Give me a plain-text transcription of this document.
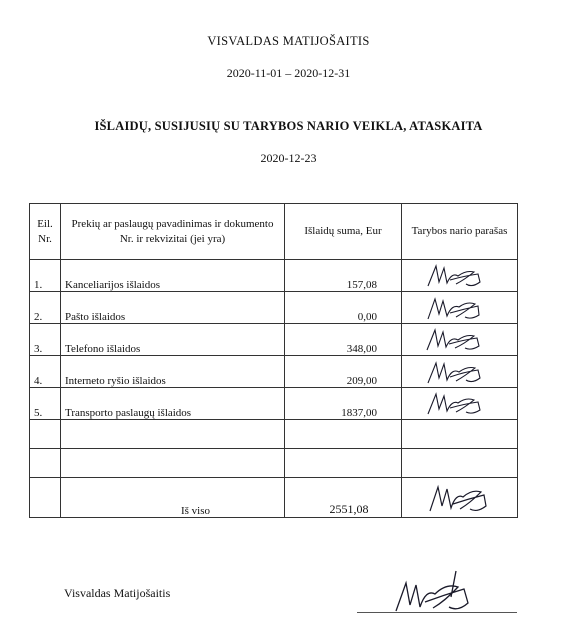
VISVALDAS MATIJOŠAITIS
2020-11-01 – 2020-12-31
IŠLAIDŲ, SUSIJUSIŲ SU TARYBOS NARIO VEIKLA, ATASKAITA
2020-12-23
Eil. Nr.	Prekių ar paslaugų pavadinimas ir dokumento Nr. ir rekvizitai (jei yra)	Išlaidų suma, Eur	Tarybos nario parašas
1.	Kanceliarijos išlaidos	157,08	
2.	Pašto išlaidos	0,00	
3.	Telefono išlaidos	348,00	
4.	Interneto ryšio išlaidos	209,00	
5.	Transporto paslaugų išlaidos	1837,00	

	Iš viso	2551,08	
Visvaldas Matijošaitis
